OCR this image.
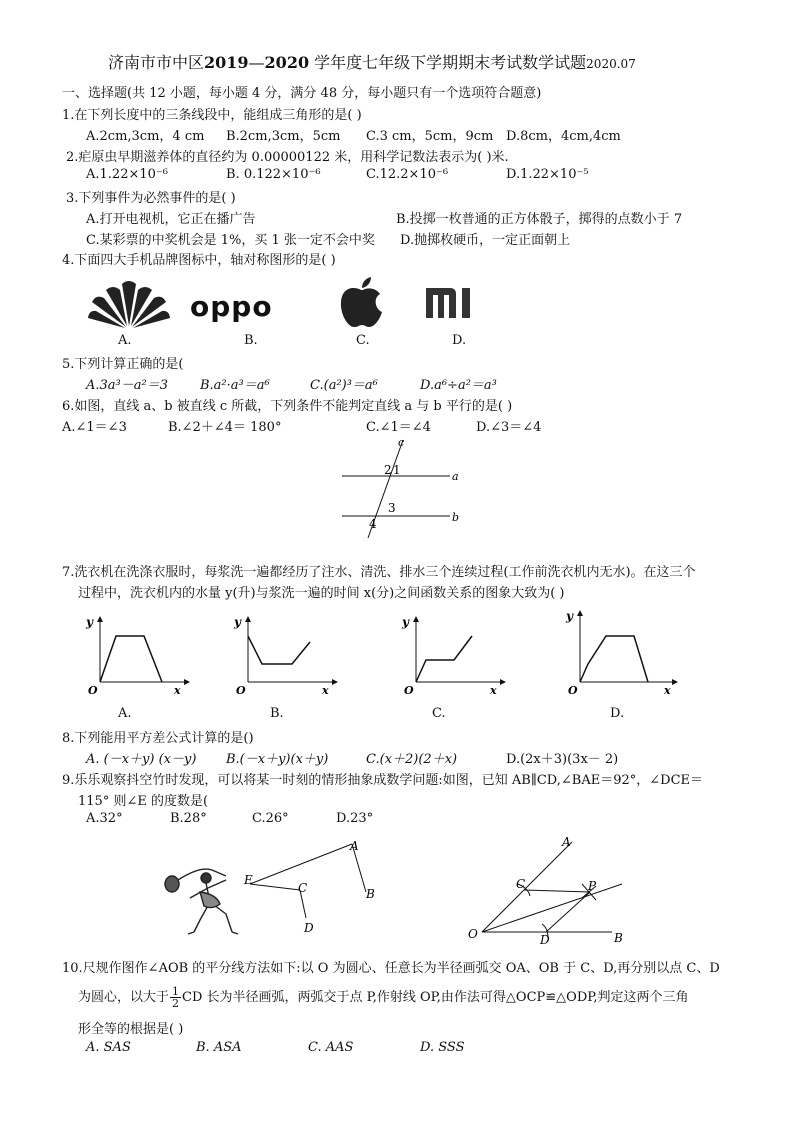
济南市市中区2019—2020 学年度七年级下学期期末考试数学试题2020.07
一、选择题(共 12 小题，每小题 4 分，满分 48 分，每小题只有一个选项符合题意)
1.在下列长度中的三条线段中，能组成三角形的是( )
A.2cm,3cm，4 cm B.2cm,3cm，5cm C.3 cm，5cm，9cm D.8cm，4cm,4cm
2.疟原虫早期滋养体的直径约为 0.00000122 米，用科学记数法表示为( )米.
A.1.22×10⁻⁶	B. 0.122×10⁻⁶	C.12.2×10⁻⁶	D.1.22×10⁻⁵
3.下列事件为必然事件的是( )
A.打开电视机，它正在播广告	B.投掷一枚普通的正方体骰子，掷得的点数小于 7
C.某彩票的中奖机会是 1%，买 1 张一定不会中奖 D.抛掷枚硬币，一定正面朝上
4.下面四大手机品牌图标中，轴对称图形的是( )
oppo
MI
A.	B.	C.	D.
5.下列计算正确的是(
A.3a³－a²＝3 B.a²·a³＝a⁶	C.(a²)³＝a⁶	D.a⁶÷a²＝a³
6.如图，直线 a、b 被直线 c 所截，下列条件不能判定直线 a 与 b 平行的是( )
A.∠1＝∠3	B.∠2＋∠4＝ 180°	C.∠1＝∠4	D.∠3＝∠4
c
a
b
2 1
3
4
7.洗衣机在洗涤衣服时，每浆洗一遍都经历了注水、清洗、排水三个连续过程(工作前洗衣机内无水)。在这三个
过程中，洗衣机内的水量 y(升)与浆洗一遍的时间 x(分)之间函数关系的图象大致为( )
y
O	x
y
O	x
y
O	x
y
O	x
A.	B.	C.	D.
8.下列能用平方差公式计算的是()
A. (－x＋y) (x－y) B.(－x＋y)(x＋y)	C.(x＋2)(2＋x)	D.(2x＋3)(3x－ 2)
9.乐乐观察抖空竹时发现，可以将某一时刻的情形抽象成数学问题:如图，已知 AB∥CD,∠BAE＝92°，∠DCE＝
115° 则∠E 的度数是(
A.32°	B.28°	C.26°	D.23°
E
A
B
C
D
A
C	P
O	D	B
10.尺规作图作∠AOB 的平分线方法如下:以 O 为圆心、任意长为半径画弧交 OA、OB 于 C、D,再分别以点 C、D
为圆心，以大于 $\frac{1}{2}$ CD 长为半径画弧，两弧交于点 P,作射线 OP,由作法可得△OCP≌△ODP,判定这两个三角
形全等的根据是( )
A. SAS	B. ASA	C. AAS	D. SSS
